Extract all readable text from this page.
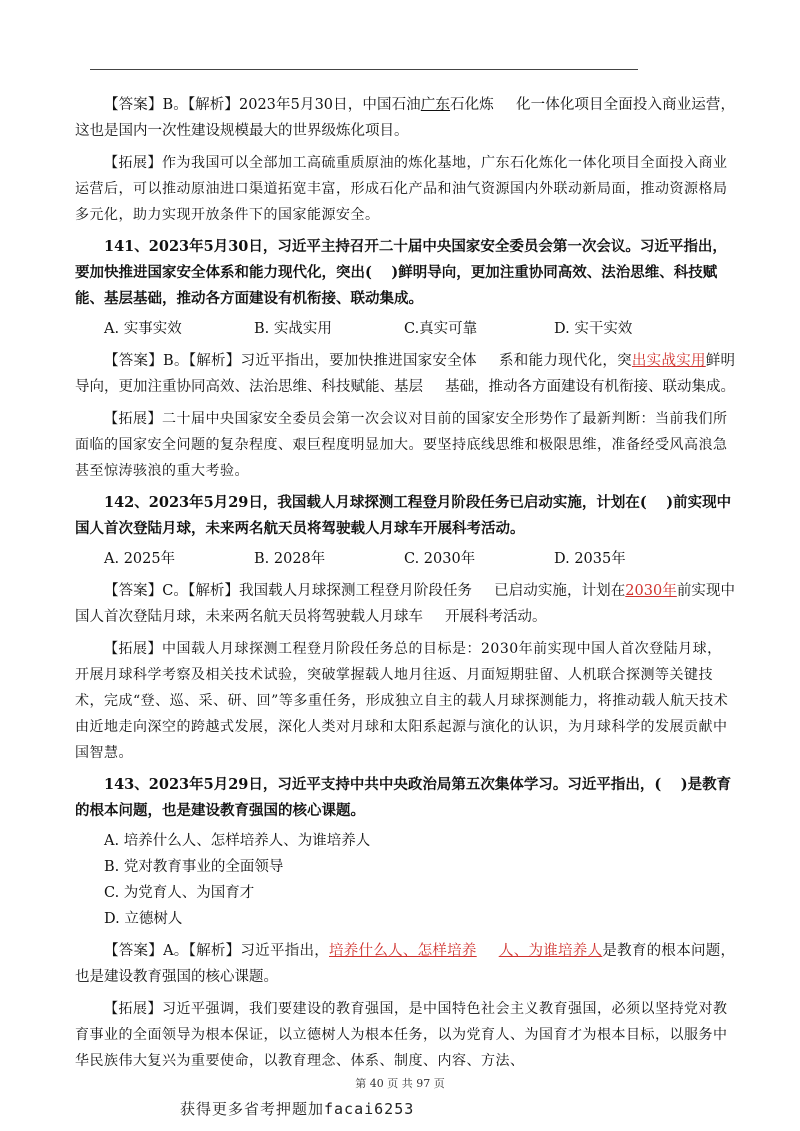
【答案】B。【解析】2023年5月30日，中国石油广东石化炼 化一体化项目全面投入商业运营，这也是国内一次性建设规模最大的世界级炼化项目。

【拓展】作为我国可以全部加工高硫重质原油的炼化基地，广东石化炼化一体化项目全面投入商业运营后，可以推动原油进口渠道拓宽丰富，形成石化产品和油气资源国内外联动新局面，推动资源格局多元化，助力实现开放条件下的国家能源安全。

141、2023年5月30日，习近平主持召开二十届中央国家安全委员会第一次会议。习近平指出，要加快推进国家安全体系和能力现代化，突出(　 )鲜明导向，更加注重协同高效、法治思维、科技赋能、基层基础，推动各方面建设有机衔接、联动集成。

A. 实事实效	B. 实战实用	C.真实可靠	D. 实干实效

【答案】B。【解析】习近平指出，要加快推进国家安全体 系和能力现代化，突出实战实用鲜明导向，更加注重协同高效、法治思维、科技赋能、基层 基础，推动各方面建设有机衔接、联动集成。

【拓展】二十届中央国家安全委员会第一次会议对目前的国家安全形势作了最新判断：当前我们所面临的国家安全问题的复杂程度、艰巨程度明显加大。要坚持底线思维和极限思维，准备经受风高浪急甚至惊涛骇浪的重大考验。

142、2023年5月29日，我国载人月球探测工程登月阶段任务已启动实施，计划在(　 )前实现中国人首次登陆月球，未来两名航天员将驾驶载人月球车开展科考活动。

A. 2025年	B. 2028年	C. 2030年	D. 2035年

【答案】C。【解析】我国载人月球探测工程登月阶段任务 已启动实施，计划在2030年前实现中国人首次登陆月球，未来两名航天员将驾驶载人月球车 开展科考活动。

【拓展】中国载人月球探测工程登月阶段任务总的目标是：2030年前实现中国人首次登陆月球，开展月球科学考察及相关技术试验，突破掌握载人地月往返、月面短期驻留、人机联合探测等关键技术，完成“登、巡、采、研、回”等多重任务，形成独立自主的载人月球探测能力，将推动载人航天技术由近地走向深空的跨越式发展，深化人类对月球和太阳系起源与演化的认识，为月球科学的发展贡献中国智慧。

143、2023年5月29日，习近平支持中共中央政治局第五次集体学习。习近平指出，(　 )是教育的根本问题，也是建设教育强国的核心课题。

A. 培养什么人、怎样培养人、为谁培养人
B. 党对教育事业的全面领导
C. 为党育人、为国育才
D. 立德树人

【答案】A。【解析】习近平指出，培养什么人、怎样培养 人、为谁培养人是教育的根本问题，也是建设教育强国的核心课题。

【拓展】习近平强调，我们要建设的教育强国，是中国特色社会主义教育强国，必须以坚持党对教育事业的全面领导为根本保证，以立德树人为根本任务，以为党育人、为国育才为根本目标，以服务中华民族伟大复兴为重要使命，以教育理念、体系、制度、内容、方法、

第 40 页 共 97 页
获得更多省考押题加facai6253
